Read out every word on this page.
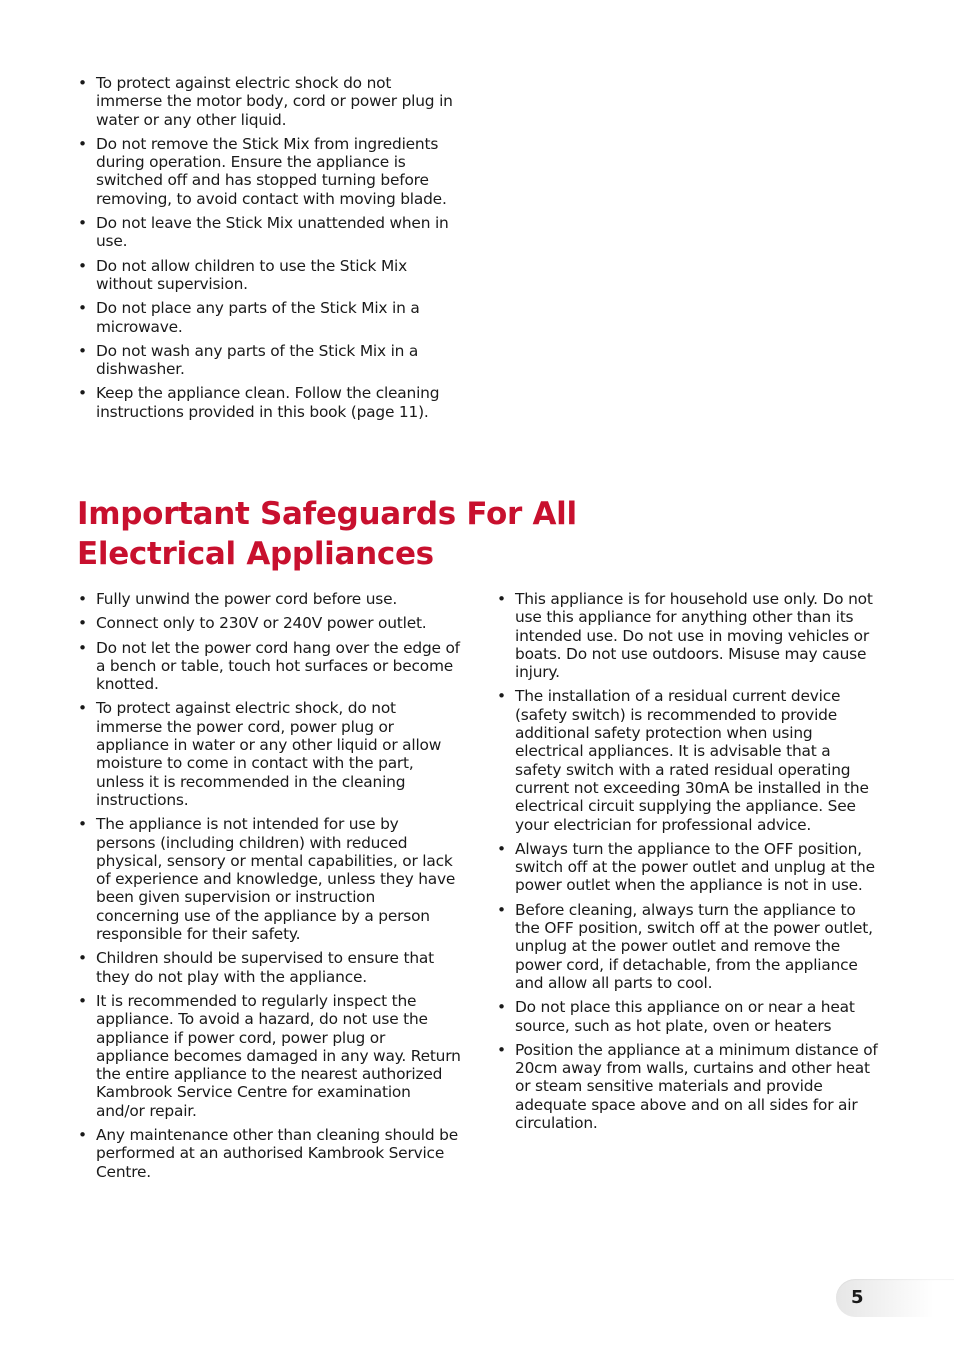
• To protect against electric shock do not immerse the motor body, cord or power plug in water or any other liquid.
• Do not remove the Stick Mix from ingredients during operation. Ensure the appliance is switched off and has stopped turning before removing, to avoid contact with moving blade.
• Do not leave the Stick Mix unattended when in use.
• Do not allow children to use the Stick Mix without supervision.
• Do not place any parts of the Stick Mix in a microwave.
• Do not wash any parts of the Stick Mix in a dishwasher.
• Keep the appliance clean. Follow the cleaning instructions provided in this book (page 11).
Important Safeguards For All Electrical Appliances
• Fully unwind the power cord before use.
• Connect only to 230V or 240V power outlet.
• Do not let the power cord hang over the edge of a bench or table, touch hot surfaces or become knotted.
• To protect against electric shock, do not immerse the power cord, power plug or appliance in water or any other liquid or allow moisture to come in contact with the part, unless it is recommended in the cleaning instructions.
• The appliance is not intended for use by persons (including children) with reduced physical, sensory or mental capabilities, or lack of experience and knowledge, unless they have been given supervision or instruction concerning use of the appliance by a person responsible for their safety.
• Children should be supervised to ensure that they do not play with the appliance.
• It is recommended to regularly inspect the appliance. To avoid a hazard, do not use the appliance if power cord, power plug or appliance becomes damaged in any way. Return the entire appliance to the nearest authorized Kambrook Service Centre for examination and/or repair.
• Any maintenance other than cleaning should be performed at an authorised Kambrook Service Centre.
• This appliance is for household use only. Do not use this appliance for anything other than its intended use. Do not use in moving vehicles or boats. Do not use outdoors. Misuse may cause injury.
• The installation of a residual current device (safety switch) is recommended to provide additional safety protection when using electrical appliances. It is advisable that a safety switch with a rated residual operating current not exceeding 30mA be installed in the electrical circuit supplying the appliance. See your electrician for professional advice.
• Always turn the appliance to the OFF position, switch off at the power outlet and unplug at the power outlet when the appliance is not in use.
• Before cleaning, always turn the appliance to the OFF position, switch off at the power outlet, unplug at the power outlet and remove the power cord, if detachable, from the appliance and allow all parts to cool.
• Do not place this appliance on or near a heat source, such as hot plate, oven or heaters
• Position the appliance at a minimum distance of 20cm away from walls, curtains and other heat or steam sensitive materials and provide adequate space above and on all sides for air circulation.
5
